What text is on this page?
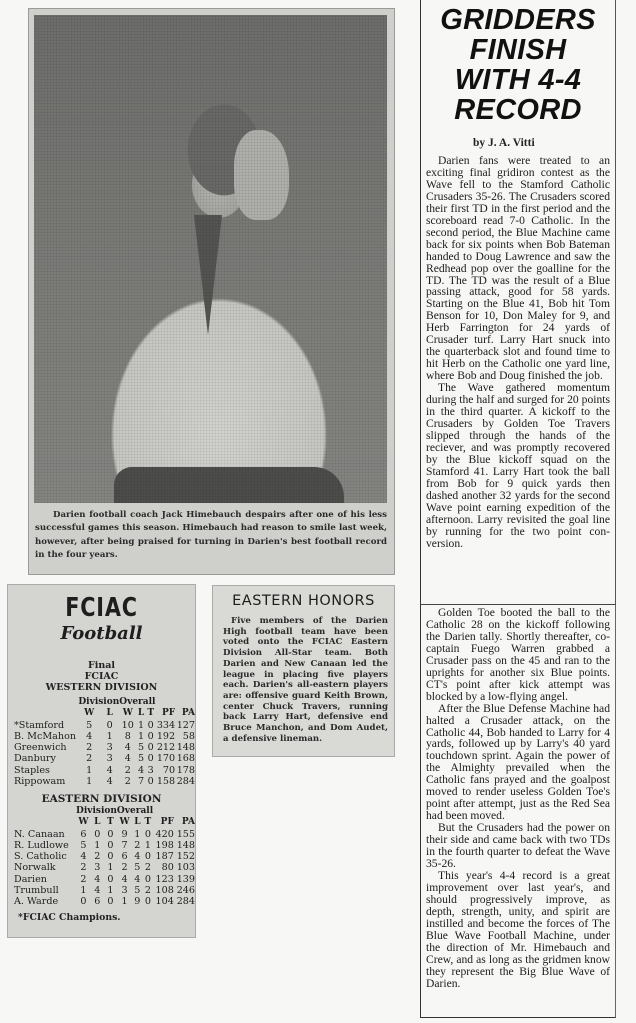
Darien football coach Jack Himebauch despairs after one of his less successful games this season. Himebauch had reason to smile last week, however, after being praised for turning in Darien's best football record in the four years.
GRIDDERS
FINISH
WITH 4-4
RECORD
by J. A. Vitti

Darien fans were treated to an exciting final gridiron contest as the Wave fell to the Stamford Catholic Crusaders 35-26. The Crusaders scored their first TD in the first period and the scoreboard read 7-0 Catholic. In the second period, the Blue Machine came back for six points when Bob Bateman handed to Doug Lawrence and saw the Redhead pop over the goalline for the TD. The TD was the result of a Blue passing attack, good for 58 yards. Starting on the Blue 41, Bob hit Tom Benson for 10, Don Maley for 9, and Herb Farrington for 24 yards of Crusader turf. Larry Hart snuck into the quarterback slot and found time to hit Herb on the Catholic one yard line, where Bob and Doug finished the job.

The Wave gathered momentum during the half and surged for 20 points in the third quarter. A kickoff to the Crusaders by Golden Toe Travers slipped through the hands of the reciever, and was promptly recovered by the Blue kickoff squad on the Stamford 41. Larry Hart took the ball from Bob for 9 quick yards then dashed another 32 yards for the second Wave point earning expedition of the afternoon. Larry revisited the goal line by running for the two point conversion.

Golden Toe booted the ball to the Catholic 28 on the kickoff following the Darien tally. Shortly thereafter, co-captain Fuego Warren grabbed a Crusader pass on the 45 and ran to the uprights for another six Blue points. CT's point after kick attempt was blocked by a low-flying angel.

After the Blue Defense Machine had halted a Crusader attack, on the Catholic 44, Bob handed to Larry for 4 yards, followed up by Larry's 40 yard touchdown sprint. Again the power of the Almighty prevailed when the Catholic fans prayed and the goalpost moved to render useless Golden Toe's point after attempt, just as the Red Sea had been moved.

But the Crusaders had the power on their side and came back with two TDs in the fourth quarter to defeat the Wave 35-26.

This year's 4-4 record is a great improvement over last year's, and should progressively improve, as depth, strength, unity, and spirit are instilled and become the forces of The Blue Wave Football Machine, under the direction of Mr. Himebauch and Crew, and as long as the gridmen know they represent the Big Blue Wave of Darien.

FCIAC
Football
Final
FCIAC
WESTERN DIVISION
	Division		Overall				
	W	L	W	L	T	PF	PA
*Stamford	5	0	10	1	0	334	127
B. McMahon	4	1	8	1	0	192	58
Greenwich	2	3	4	5	0	212	148
Danbury	2	3	4	5	0	170	168
Staples	1	4	2	4	3	70	178
Rippowam	1	4	2	7	0	158	284
EASTERN DIVISION
	Division			Overall				
	W	L	T	W	L	T	PF	PA
N. Canaan	6	0	0	9	1	0	420	155
R. Ludlowe	5	1	0	7	2	1	198	148
S. Catholic	4	2	0	6	4	0	187	152
Norwalk	2	3	1	2	5	2	80	103
Darien	2	4	0	4	4	0	123	139
Trumbull	1	4	1	3	5	2	108	246
A. Warde	0	6	0	1	9	0	104	284
*FCIAC Champions.
EASTERN HONORS

Five members of the Darien High football team have been voted onto the FCIAC Eastern Division All-Star team. Both Darien and New Canaan led the league in placing five players each. Darien's all-eastern players are: offensive guard Keith Brown, center Chuck Travers, running back Larry Hart, defensive end Bruce Manchon, and Dom Audet, a defensive lineman.
